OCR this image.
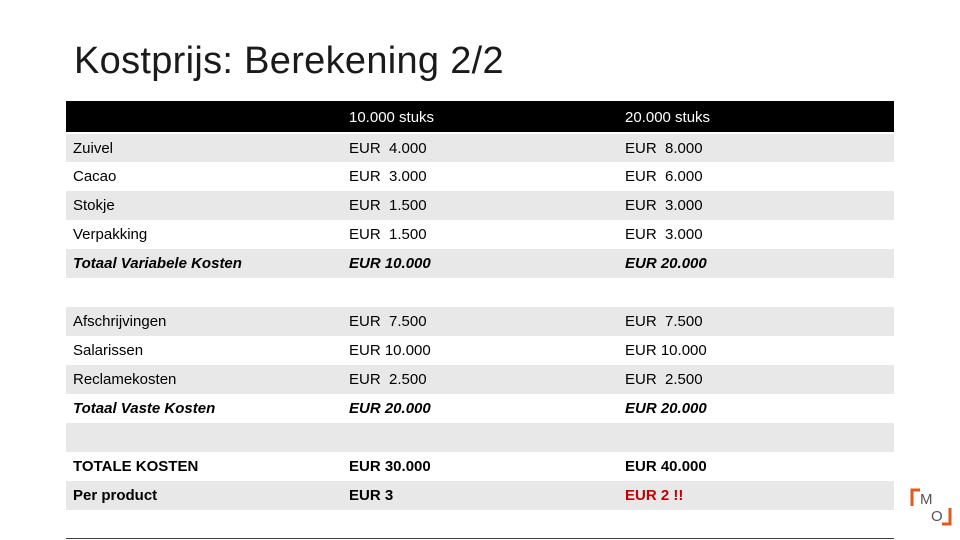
Kostprijs: Berekening 2/2
	10.000 stuks	20.000 stuks
Zuivel	EUR  4.000	EUR  8.000
Cacao	EUR  3.000	EUR  6.000
Stokje	EUR  1.500	EUR  3.000
Verpakking	EUR  1.500	EUR  3.000
Totaal Variabele Kosten	EUR 10.000	EUR 20.000

Afschrijvingen	EUR  7.500	EUR  7.500
Salarissen	EUR 10.000	EUR 10.000
Reclamekosten	EUR  2.500	EUR  2.500
Totaal Vaste Kosten	EUR 20.000	EUR 20.000

TOTALE KOSTEN	EUR 30.000	EUR 40.000
Per product	EUR 3	EUR 2 !!	M
O
